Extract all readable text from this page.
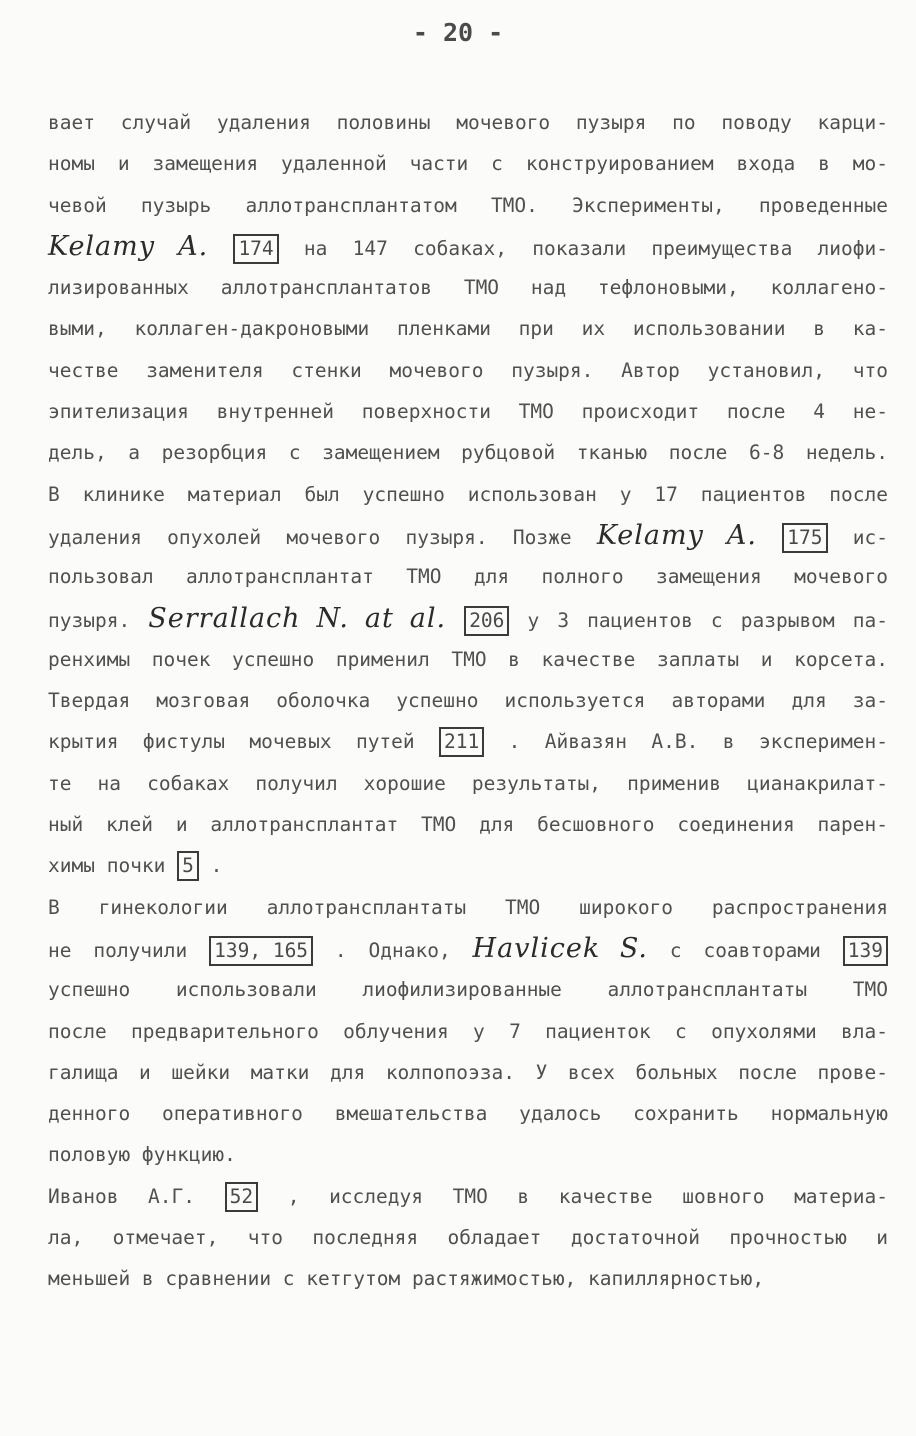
- 20 -
вает случай удаления половины мочевого пузыря по поводу карци-
номы и замещения удаленной части с конструированием входа в мо-
чевой пузырь аллотрансплантатом ТМО. Эксперименты, проведенные
Kelamy A. 174 на 147 собаках, показали преимущества лиофи-
лизированных аллотрансплантатов ТМО над тефлоновыми, коллагено-
выми, коллаген-дакроновыми пленками при их использовании в ка-
честве заменителя стенки мочевого пузыря. Автор установил, что
эпителизация внутренней поверхности ТМО происходит после 4 не-
дель, а резорбция с замещением рубцовой тканью после 6-8 недель.
В клинике материал был успешно использован у 17 пациентов после
удаления опухолей мочевого пузыря. Позже Kelamy A. 175 ис-
пользовал аллотрансплантат ТМО для полного замещения мочевого
пузыря. Serrallach N. at al. 206 у 3 пациентов с разрывом па-
ренхимы почек успешно применил ТМО в качестве заплаты и корсета.
Твердая мозговая оболочка успешно используется авторами для за-
крытия фистулы мочевых путей 211 . Айвазян А.В. в эксперимен-
те на собаках получил хорошие результаты, применив цианакрилат-
ный клей и аллотрансплантат ТМО для бесшовного соединения парен-
химы почки 5 .
В гинекологии аллотрансплантаты ТМО широкого распространения
не получили 139, 165 . Однако, Havlicek S. с соавторами 139
успешно использовали лиофилизированные аллотрансплантаты ТМО
после предварительного облучения у 7 пациенток с опухолями вла-
галища и шейки матки для колпопоэза. У всех больных после прове-
денного оперативного вмешательства удалось сохранить нормальную
половую функцию.
Иванов А.Г. 52 , исследуя ТМО в качестве шовного материа-
ла, отмечает, что последняя обладает достаточной прочностью и
меньшей в сравнении с кетгутом растяжимостью, капиллярностью,
